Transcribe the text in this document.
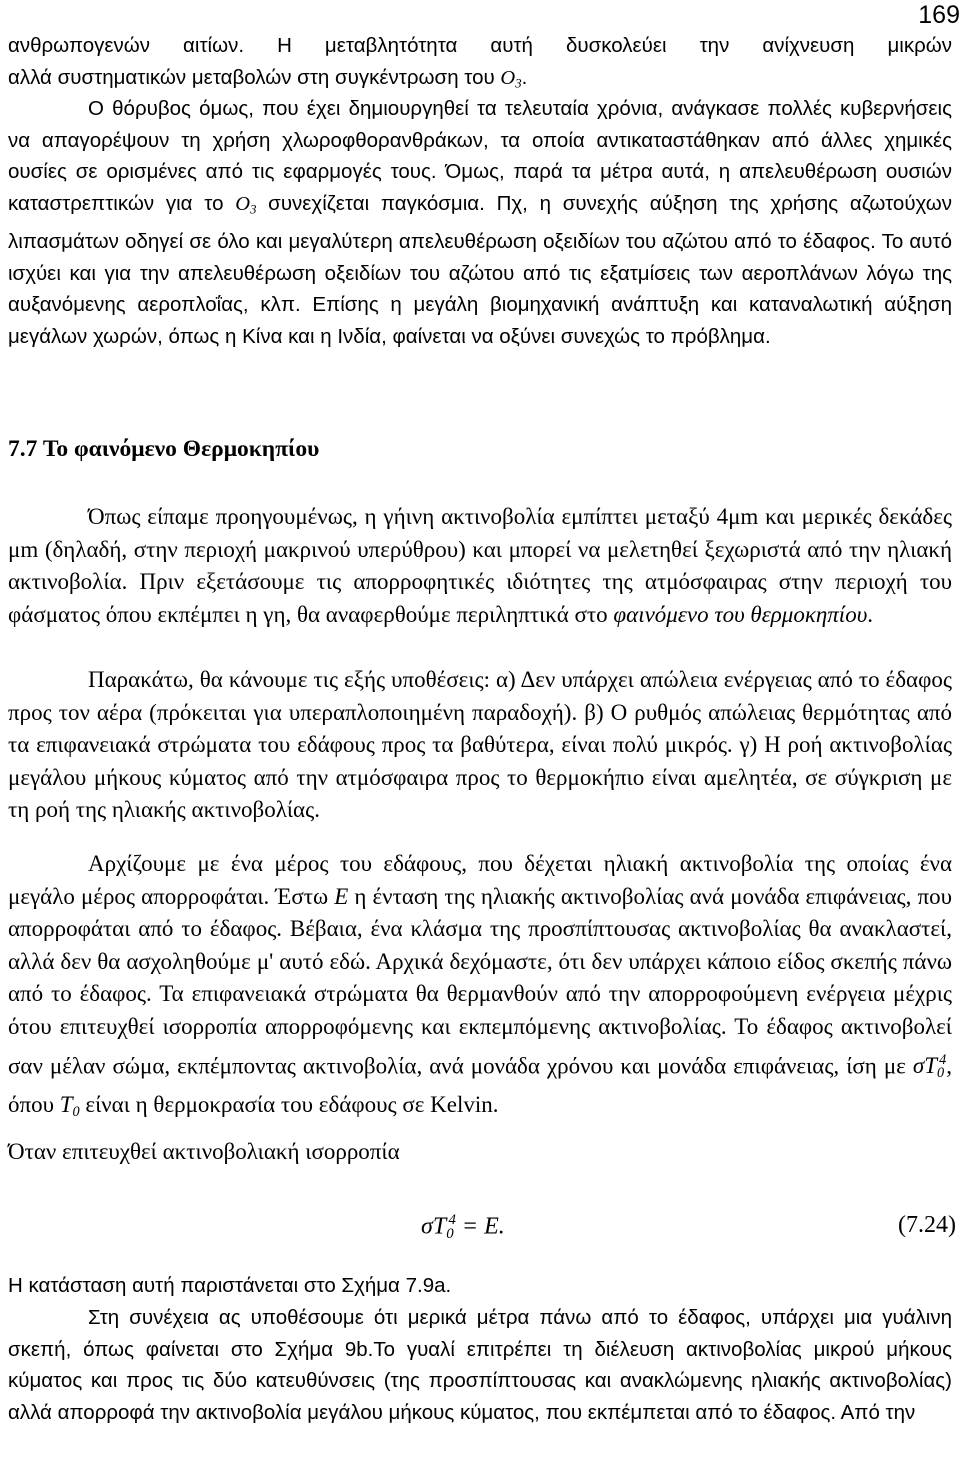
169
ανθρωπογενών αιτίων. Η μεταβλητότητα αυτή δυσκολεύει την ανίχνευση μικρών
αλλά συστηματικών μεταβολών στη συγκέντρωση του $O_3$.
Ο θόρυβος όμως, που έχει δημιουργηθεί τα τελευταία χρόνια, ανάγκασε πολλές κυβερνήσεις να απαγορέψουν τη χρήση χλωροφθορανθράκων, τα οποία αντικαταστάθηκαν από άλλες χημικές ουσίες σε ορισμένες από τις εφαρμογές τους. Όμως, παρά τα μέτρα αυτά, η απελευθέρωση ουσιών καταστρεπτικών για το $O_3$ συνεχίζεται παγκόσμια. Πχ, η συνεχής αύξηση της χρήσης αζωτούχων λιπασμάτων οδηγεί σε όλο και μεγαλύτερη απελευθέρωση οξειδίων του αζώτου από το έδαφος. Το αυτό ισχύει και για την απελευθέρωση οξειδίων του αζώτου από τις εξατμίσεις των αεροπλάνων λόγω της αυξανόμενης αεροπλοΐας, κλπ. Επίσης η μεγάλη βιομηχανική ανάπτυξη και καταναλωτική αύξηση μεγάλων χωρών, όπως η Κίνα και η Ινδία, φαίνεται να οξύνει συνεχώς το πρόβλημα.
7.7 Το φαινόμενο Θερμοκηπίου
Όπως είπαμε προηγουμένως, η γήινη ακτινοβολία εμπίπτει μεταξύ 4μm και μερικές δεκάδες μm (δηλαδή, στην περιοχή μακρινού υπερύθρου) και μπορεί να μελετηθεί ξεχωριστά από την ηλιακή ακτινοβολία. Πριν εξετάσουμε τις απορροφητικές ιδιότητες της ατμόσφαιρας στην περιοχή του φάσματος όπου εκπέμπει η γη, θα αναφερθούμε περιληπτικά στο φαινόμενο του θερμοκηπίου.
Παρακάτω, θα κάνουμε τις εξής υποθέσεις: α) Δεν υπάρχει απώλεια ενέργειας από το έδαφος προς τον αέρα (πρόκειται για υπεραπλοποιημένη παραδοχή). β) Ο ρυθμός απώλειας θερμότητας από τα επιφανειακά στρώματα του εδάφους προς τα βαθύτερα, είναι πολύ μικρός. γ) Η ροή ακτινοβολίας μεγάλου μήκους κύματος από την ατμόσφαιρα προς το θερμοκήπιο είναι αμελητέα, σε σύγκριση με τη ροή της ηλιακής ακτινοβολίας.
Αρχίζουμε με ένα μέρος του εδάφους, που δέχεται ηλιακή ακτινοβολία της οποίας ένα μεγάλο μέρος απορροφάται. Έστω E η ένταση της ηλιακής ακτινοβολίας ανά μονάδα επιφάνειας, που απορροφάται από το έδαφος. Βέβαια, ένα κλάσμα της προσπίπτουσας ακτινοβολίας θα ανακλαστεί, αλλά δεν θα ασχοληθούμε μ' αυτό εδώ. Αρχικά δεχόμαστε, ότι δεν υπάρχει κάποιο είδος σκεπής πάνω από το έδαφος. Τα επιφανειακά στρώματα θα θερμανθούν από την απορροφούμενη ενέργεια μέχρις ότου επιτευχθεί ισορροπία απορροφόμενης και εκπεμπόμενης ακτινοβολίας. Το έδαφος ακτινοβολεί σαν μέλαν σώμα, εκπέμποντας ακτινοβολία, ανά μονάδα χρόνου και μονάδα επιφάνειας, ίση με $\sigma T_0^4$, όπου $T_0$ είναι η θερμοκρασία του εδάφους σε Kelvin.
Όταν επιτευχθεί ακτινοβολιακή ισορροπία
$\sigma T_0^4 = E$.	(7.24)
Η κατάσταση αυτή παριστάνεται στο Σχήμα 7.9a.
Στη συνέχεια ας υποθέσουμε ότι μερικά μέτρα πάνω από το έδαφος, υπάρχει μια γυάλινη σκεπή, όπως φαίνεται στο Σχήμα 9b.Το γυαλί επιτρέπει τη διέλευση ακτινοβολίας μικρού μήκους κύματος και προς τις δύο κατευθύνσεις (της προσπίπτουσας και ανακλώμενης ηλιακής ακτινοβολίας) αλλά απορροφά την ακτινοβολία μεγάλου μήκους κύματος, που εκπέμπεται από το έδαφος. Από την
